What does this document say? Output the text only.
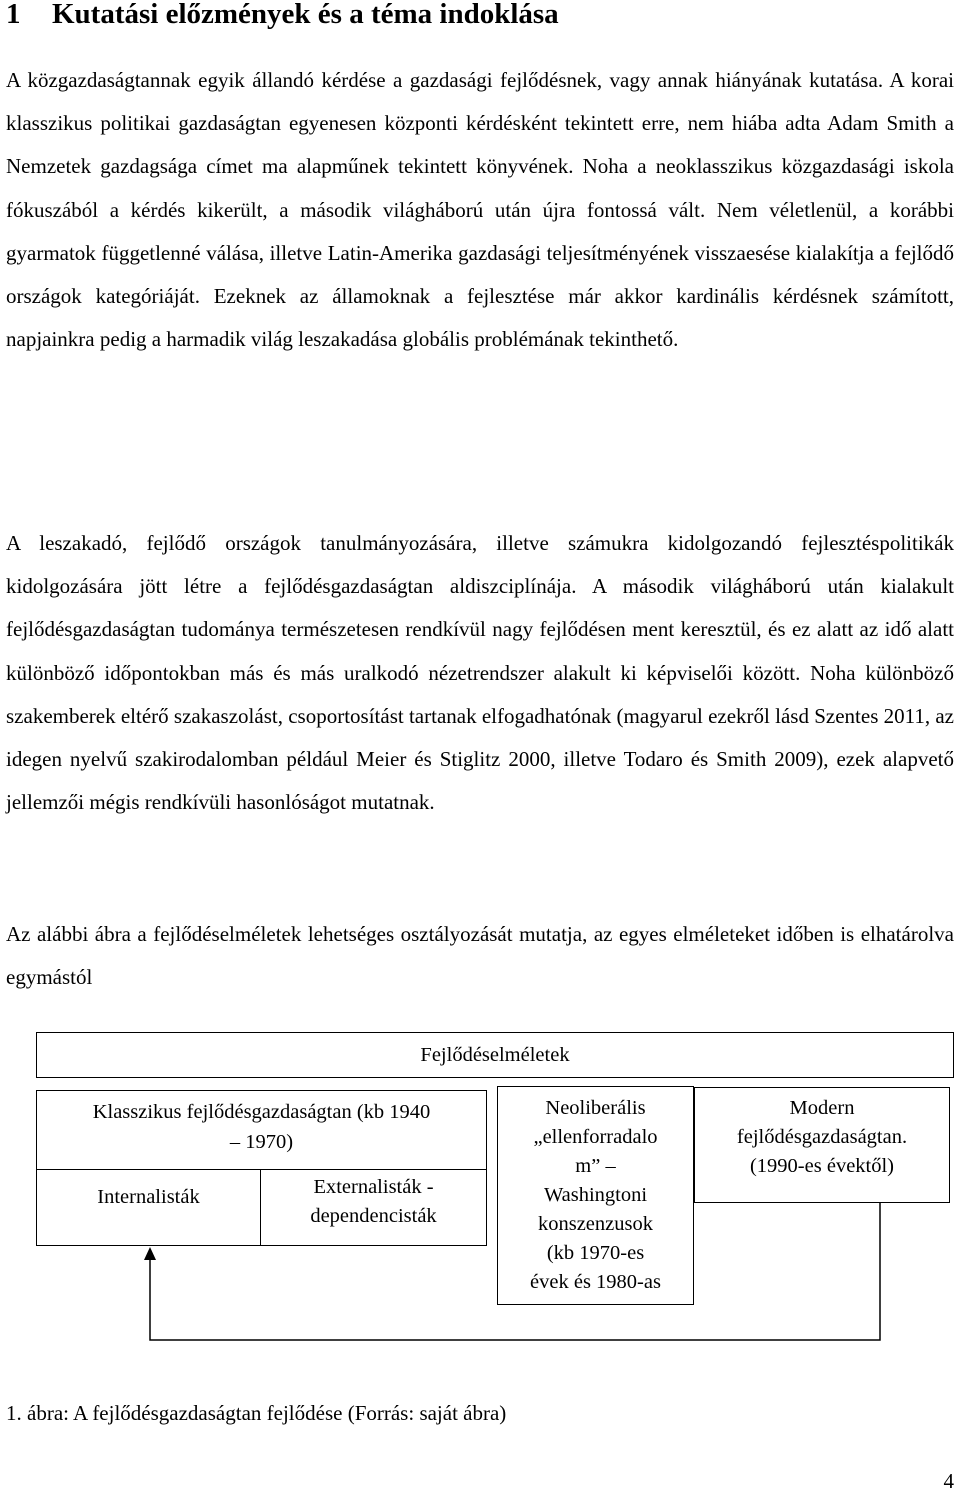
1 Kutatási előzmények és a téma indoklása

A közgazdaságtannak egyik állandó kérdése a gazdasági fejlődésnek, vagy annak hiányának kutatása. A korai klasszikus politikai gazdaságtan egyenesen központi kérdésként tekintett erre, nem hiába adta Adam Smith a Nemzetek gazdagsága címet ma alapműnek tekintett könyvének. Noha a neoklasszikus közgazdasági iskola fókuszából a kérdés kikerült, a második világháború után újra fontossá vált. Nem véletlenül, a korábbi gyarmatok függetlenné válása, illetve Latin-Amerika gazdasági teljesítményének visszaesése kialakítja a fejlődő országok kategóriáját. Ezeknek az államoknak a fejlesztése már akkor kardinális kérdésnek számított, napjainkra pedig a harmadik világ leszakadása globális problémának tekinthető.

A leszakadó, fejlődő országok tanulmányozására, illetve számukra kidolgozandó fejlesztéspolitikák kidolgozására jött létre a fejlődésgazdaságtan aldiszciplínája. A második világháború után kialakult fejlődésgazdaságtan tudománya természetesen rendkívül nagy fejlődésen ment keresztül, és ez alatt az idő alatt különböző időpontokban más és más uralkodó nézetrendszer alakult ki képviselői között. Noha különböző szakemberek eltérő szakaszolást, csoportosítást tartanak elfogadhatónak (magyarul ezekről lásd Szentes 2011, az idegen nyelvű szakirodalomban például Meier és Stiglitz 2000, illetve Todaro és Smith 2009), ezek alapvető jellemzői mégis rendkívüli hasonlóságot mutatnak.

Az alábbi ábra a fejlődéselméletek lehetséges osztályozását mutatja, az egyes elméleteket időben is elhatárolva egymástól

Fejlődéselméletek
Klasszikus fejlődésgazdaságtan (kb 1940
– 1970)
Internalisták	Externalisták -
dependencisták
Neoliberális
„ellenforradalo
m” –
Washingtoni
konszenzusok
(kb 1970-es
évek és 1980-as
Modern
fejlődésgazdaságtan.
(1990-es évektől)

1. ábra: A fejlődésgazdaságtan fejlődése (Forrás: saját ábra)

4
